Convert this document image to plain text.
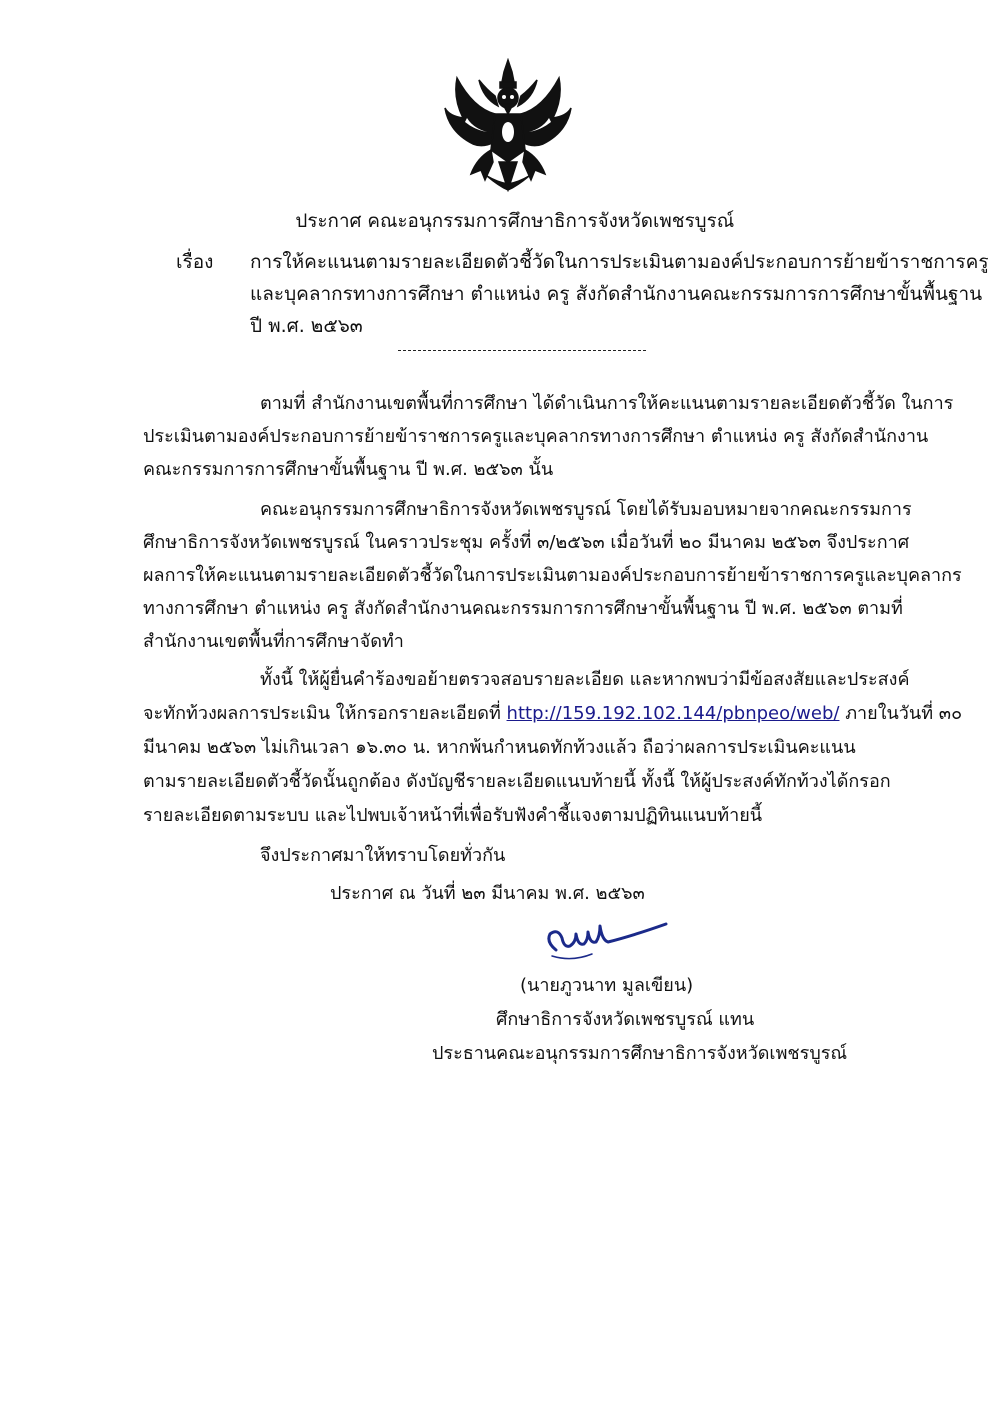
ประกาศ คณะอนุกรรมการศึกษาธิการจังหวัดเพชรบูรณ์
เรื่อง การให้คะแนนตามรายละเอียดตัวชี้วัดในการประเมินตามองค์ประกอบการย้ายข้าราชการครู
และบุคลากรทางการศึกษา ตำแหน่ง ครู สังกัดสำนักงานคณะกรรมการการศึกษาขั้นพื้นฐาน
ปี พ.ศ. ๒๕๖๓
ตามที่ สำนักงานเขตพื้นที่การศึกษา ได้ดำเนินการให้คะแนนตามรายละเอียดตัวชี้วัด ในการ
ประเมินตามองค์ประกอบการย้ายข้าราชการครูและบุคลากรทางการศึกษา ตำแหน่ง ครู สังกัดสำนักงาน
คณะกรรมการการศึกษาขั้นพื้นฐาน ปี พ.ศ. ๒๕๖๓ นั้น
คณะอนุกรรมการศึกษาธิการจังหวัดเพชรบูรณ์ โดยได้รับมอบหมายจากคณะกรรมการ
ศึกษาธิการจังหวัดเพชรบูรณ์ ในคราวประชุม ครั้งที่ ๓/๒๕๖๓ เมื่อวันที่ ๒๐ มีนาคม ๒๕๖๓ จึงประกาศ
ผลการให้คะแนนตามรายละเอียดตัวชี้วัดในการประเมินตามองค์ประกอบการย้ายข้าราชการครูและบุคลากร
ทางการศึกษา ตำแหน่ง ครู สังกัดสำนักงานคณะกรรมการการศึกษาขั้นพื้นฐาน ปี พ.ศ. ๒๕๖๓ ตามที่
สำนักงานเขตพื้นที่การศึกษาจัดทำ
ทั้งนี้ ให้ผู้ยื่นคำร้องขอย้ายตรวจสอบรายละเอียด และหากพบว่ามีข้อสงสัยและประสงค์
จะทักท้วงผลการประเมิน ให้กรอกรายละเอียดที่ http://159.192.102.144/pbnpeo/web/ ภายในวันที่ ๓๐
มีนาคม ๒๕๖๓ ไม่เกินเวลา ๑๖.๓๐ น. หากพ้นกำหนดทักท้วงแล้ว ถือว่าผลการประเมินคะแนน
ตามรายละเอียดตัวชี้วัดนั้นถูกต้อง ดังบัญชีรายละเอียดแนบท้ายนี้ ทั้งนี้ ให้ผู้ประสงค์ทักท้วงได้กรอก
รายละเอียดตามระบบ และไปพบเจ้าหน้าที่เพื่อรับฟังคำชี้แจงตามปฏิทินแนบท้ายนี้
จึงประกาศมาให้ทราบโดยทั่วกัน
ประกาศ ณ วันที่ ๒๓ มีนาคม พ.ศ. ๒๕๖๓
(นายภูวนาท มูลเขียน)
ศึกษาธิการจังหวัดเพชรบูรณ์ แทน
ประธานคณะอนุกรรมการศึกษาธิการจังหวัดเพชรบูรณ์
